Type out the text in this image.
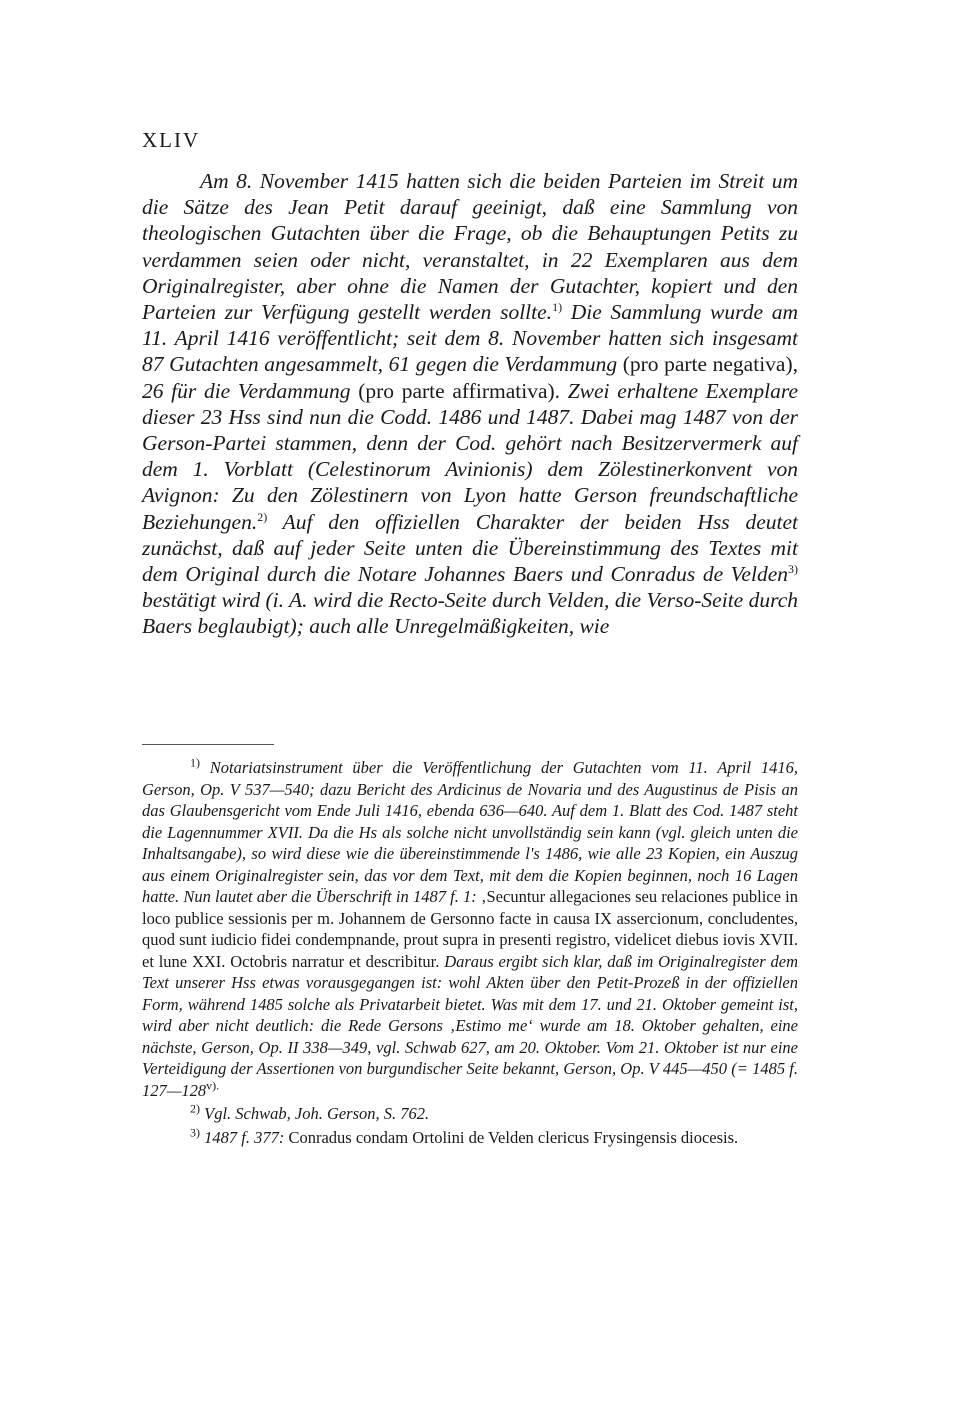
XLIV

Am 8. November 1415 hatten sich die beiden Parteien im Streit um die Sätze des Jean Petit darauf geeinigt, daß eine Sammlung von theologischen Gutachten über die Frage, ob die Behauptungen Petits zu verdammen seien oder nicht, veranstaltet, in 22 Exemplaren aus dem Originalregister, aber ohne die Namen der Gutachter, kopiert und den Parteien zur Verfügung gestellt werden sollte.$^{1)}$ Die Sammlung wurde am 11. April 1416 veröffentlicht; seit dem 8. November hatten sich insgesamt 87 Gutachten angesammelt, 61 gegen die Verdammung (pro parte negativa), 26 für die Verdammung (pro parte affirmativa). Zwei erhaltene Exemplare dieser 23 Hss sind nun die Codd. 1486 und 1487. Dabei mag 1487 von der Gerson-Partei stammen, denn der Cod. gehört nach Besitzervermerk auf dem 1. Vorblatt (Celestinorum Avinionis) dem Zölestinerkonvent von Avignon: Zu den Zölestinern von Lyon hatte Gerson freundschaftliche Beziehungen.$^{2)}$ Auf den offiziellen Charakter der beiden Hss deutet zunächst, daß auf jeder Seite unten die Übereinstimmung des Textes mit dem Original durch die Notare Johannes Baers und Conradus de Velden$^{3)}$ bestätigt wird (i. A. wird die Recto-Seite durch Velden, die Verso-Seite durch Baers beglaubigt); auch alle Unregelmäßigkeiten, wie

$^{1)}$ Notariatsinstrument über die Veröffentlichung der Gutachten vom 11. April 1416, Gerson, Op. V 537—540; dazu Bericht des Ardicinus de Novaria und des Augustinus de Pisis an das Glaubensgericht vom Ende Juli 1416, ebenda 636—640. Auf dem 1. Blatt des Cod. 1487 steht die Lagennummer XVII. Da die Hs als solche nicht unvollständig sein kann (vgl. gleich unten die Inhaltsangabe), so wird diese wie die übereinstimmende l's 1486, wie alle 23 Kopien, ein Auszug aus einem Originalregister sein, das vor dem Text, mit dem die Kopien beginnen, noch 16 Lagen hatte. Nun lautet aber die Überschrift in 1487 f. 1: ‚Secuntur allegaciones seu relaciones publice in loco publice sessionis per m. Johannem de Gersonno facte in causa IX assercionum, concludentes, quod sunt iudicio fidei condempnande, prout supra in presenti registro, videlicet diebus iovis XVII. et lune XXI. Octobris narratur et describitur. Daraus ergibt sich klar, daß im Originalregister dem Text unserer Hss etwas vorausgegangen ist: wohl Akten über den Petit-Prozeß in der offiziellen Form, während 1485 solche als Privatarbeit bietet. Was mit dem 17. und 21. Oktober gemeint ist, wird aber nicht deutlich: die Rede Gersons ‚Estimo me‘ wurde am 18. Oktober gehalten, eine nächste, Gerson, Op. II 338—349, vgl. Schwab 627, am 20. Oktober. Vom 21. Oktober ist nur eine Verteidigung der Assertionen von burgundischer Seite bekannt, Gerson, Op. V 445—450 (= 1485 f. $127—128^{v).}$

$^{2)}$ Vgl. Schwab, Joh. Gerson, S. 762.

$^{3)}$ 1487 f. 377: Conradus condam Ortolini de Velden clericus Frysingensis diocesis.
